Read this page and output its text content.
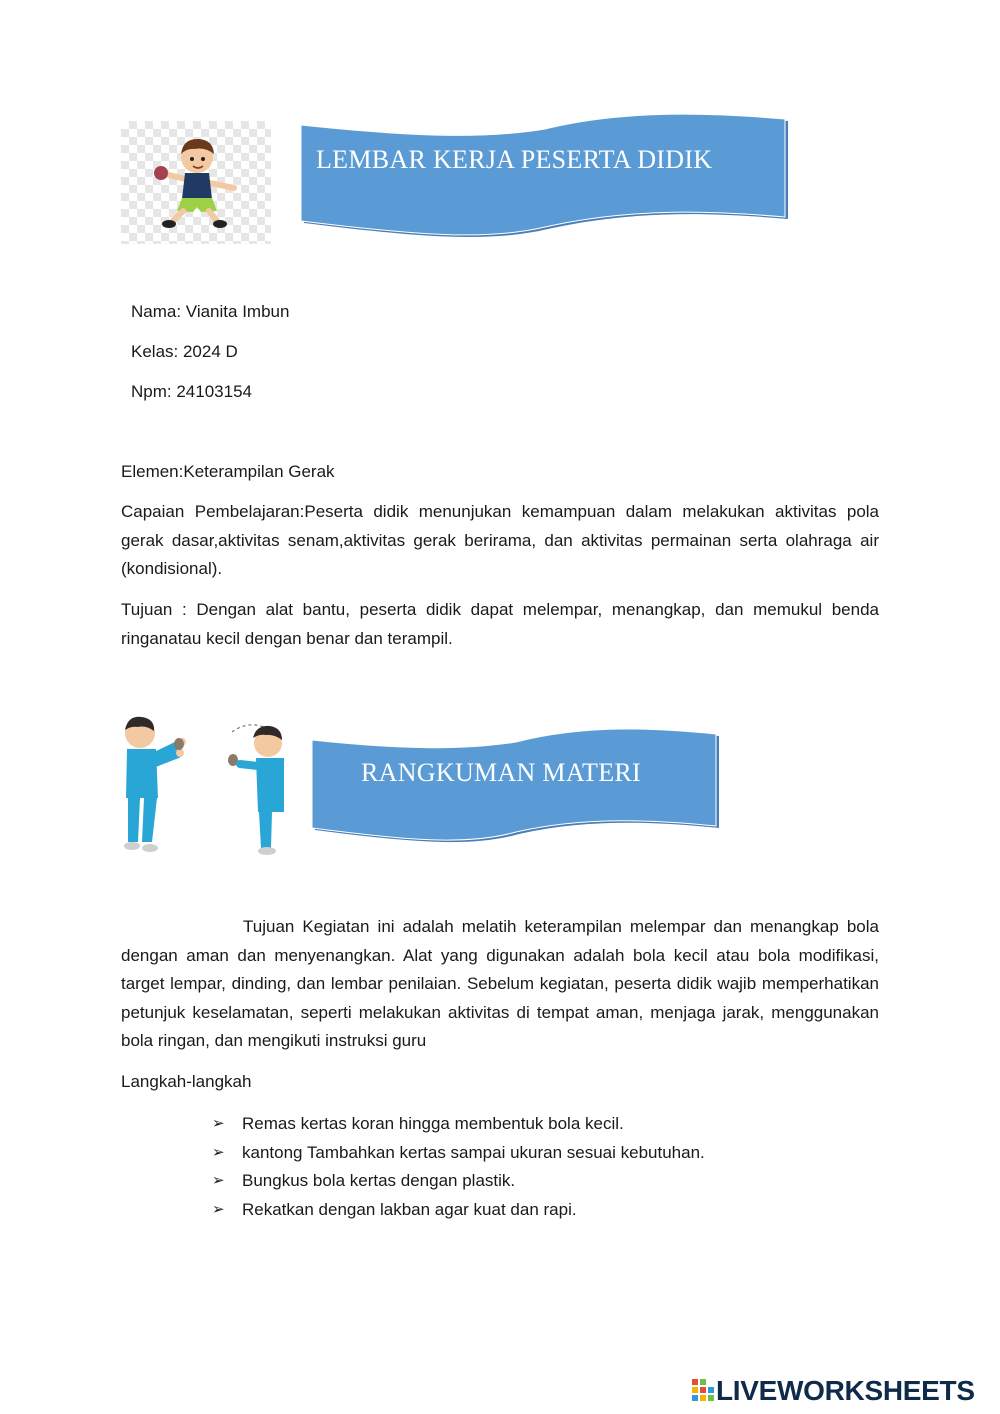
LEMBAR KERJA PESERTA DIDIK
Nama: Vianita Imbun
Kelas: 2024 D
Npm: 24103154
Elemen:Keterampilan Gerak
Capaian Pembelajaran:Peserta didik menunjukan kemampuan dalam melakukan aktivitas pola gerak dasar,aktivitas senam,aktivitas gerak berirama, dan aktivitas permainan serta olahraga air (kondisional).
Tujuan : Dengan alat bantu, peserta didik dapat melempar, menangkap, dan memukul benda ringanatau kecil dengan benar dan terampil.
RANGKUMAN MATERI
Tujuan Kegiatan ini adalah melatih keterampilan melempar dan menangkap bola dengan aman dan menyenangkan. Alat yang digunakan adalah bola kecil atau bola modifikasi, target lempar, dinding, dan lembar penilaian. Sebelum kegiatan, peserta didik wajib memperhatikan petunjuk keselamatan, seperti melakukan aktivitas di tempat aman, menjaga jarak, menggunakan bola ringan, dan mengikuti instruksi guru
Langkah-langkah
➢ Remas kertas koran hingga membentuk bola kecil.
➢ kantong Tambahkan kertas sampai ukuran sesuai kebutuhan.
➢ Bungkus bola kertas dengan plastik.
➢ Rekatkan dengan lakban agar kuat dan rapi.
LIVEWORKSHEETS
